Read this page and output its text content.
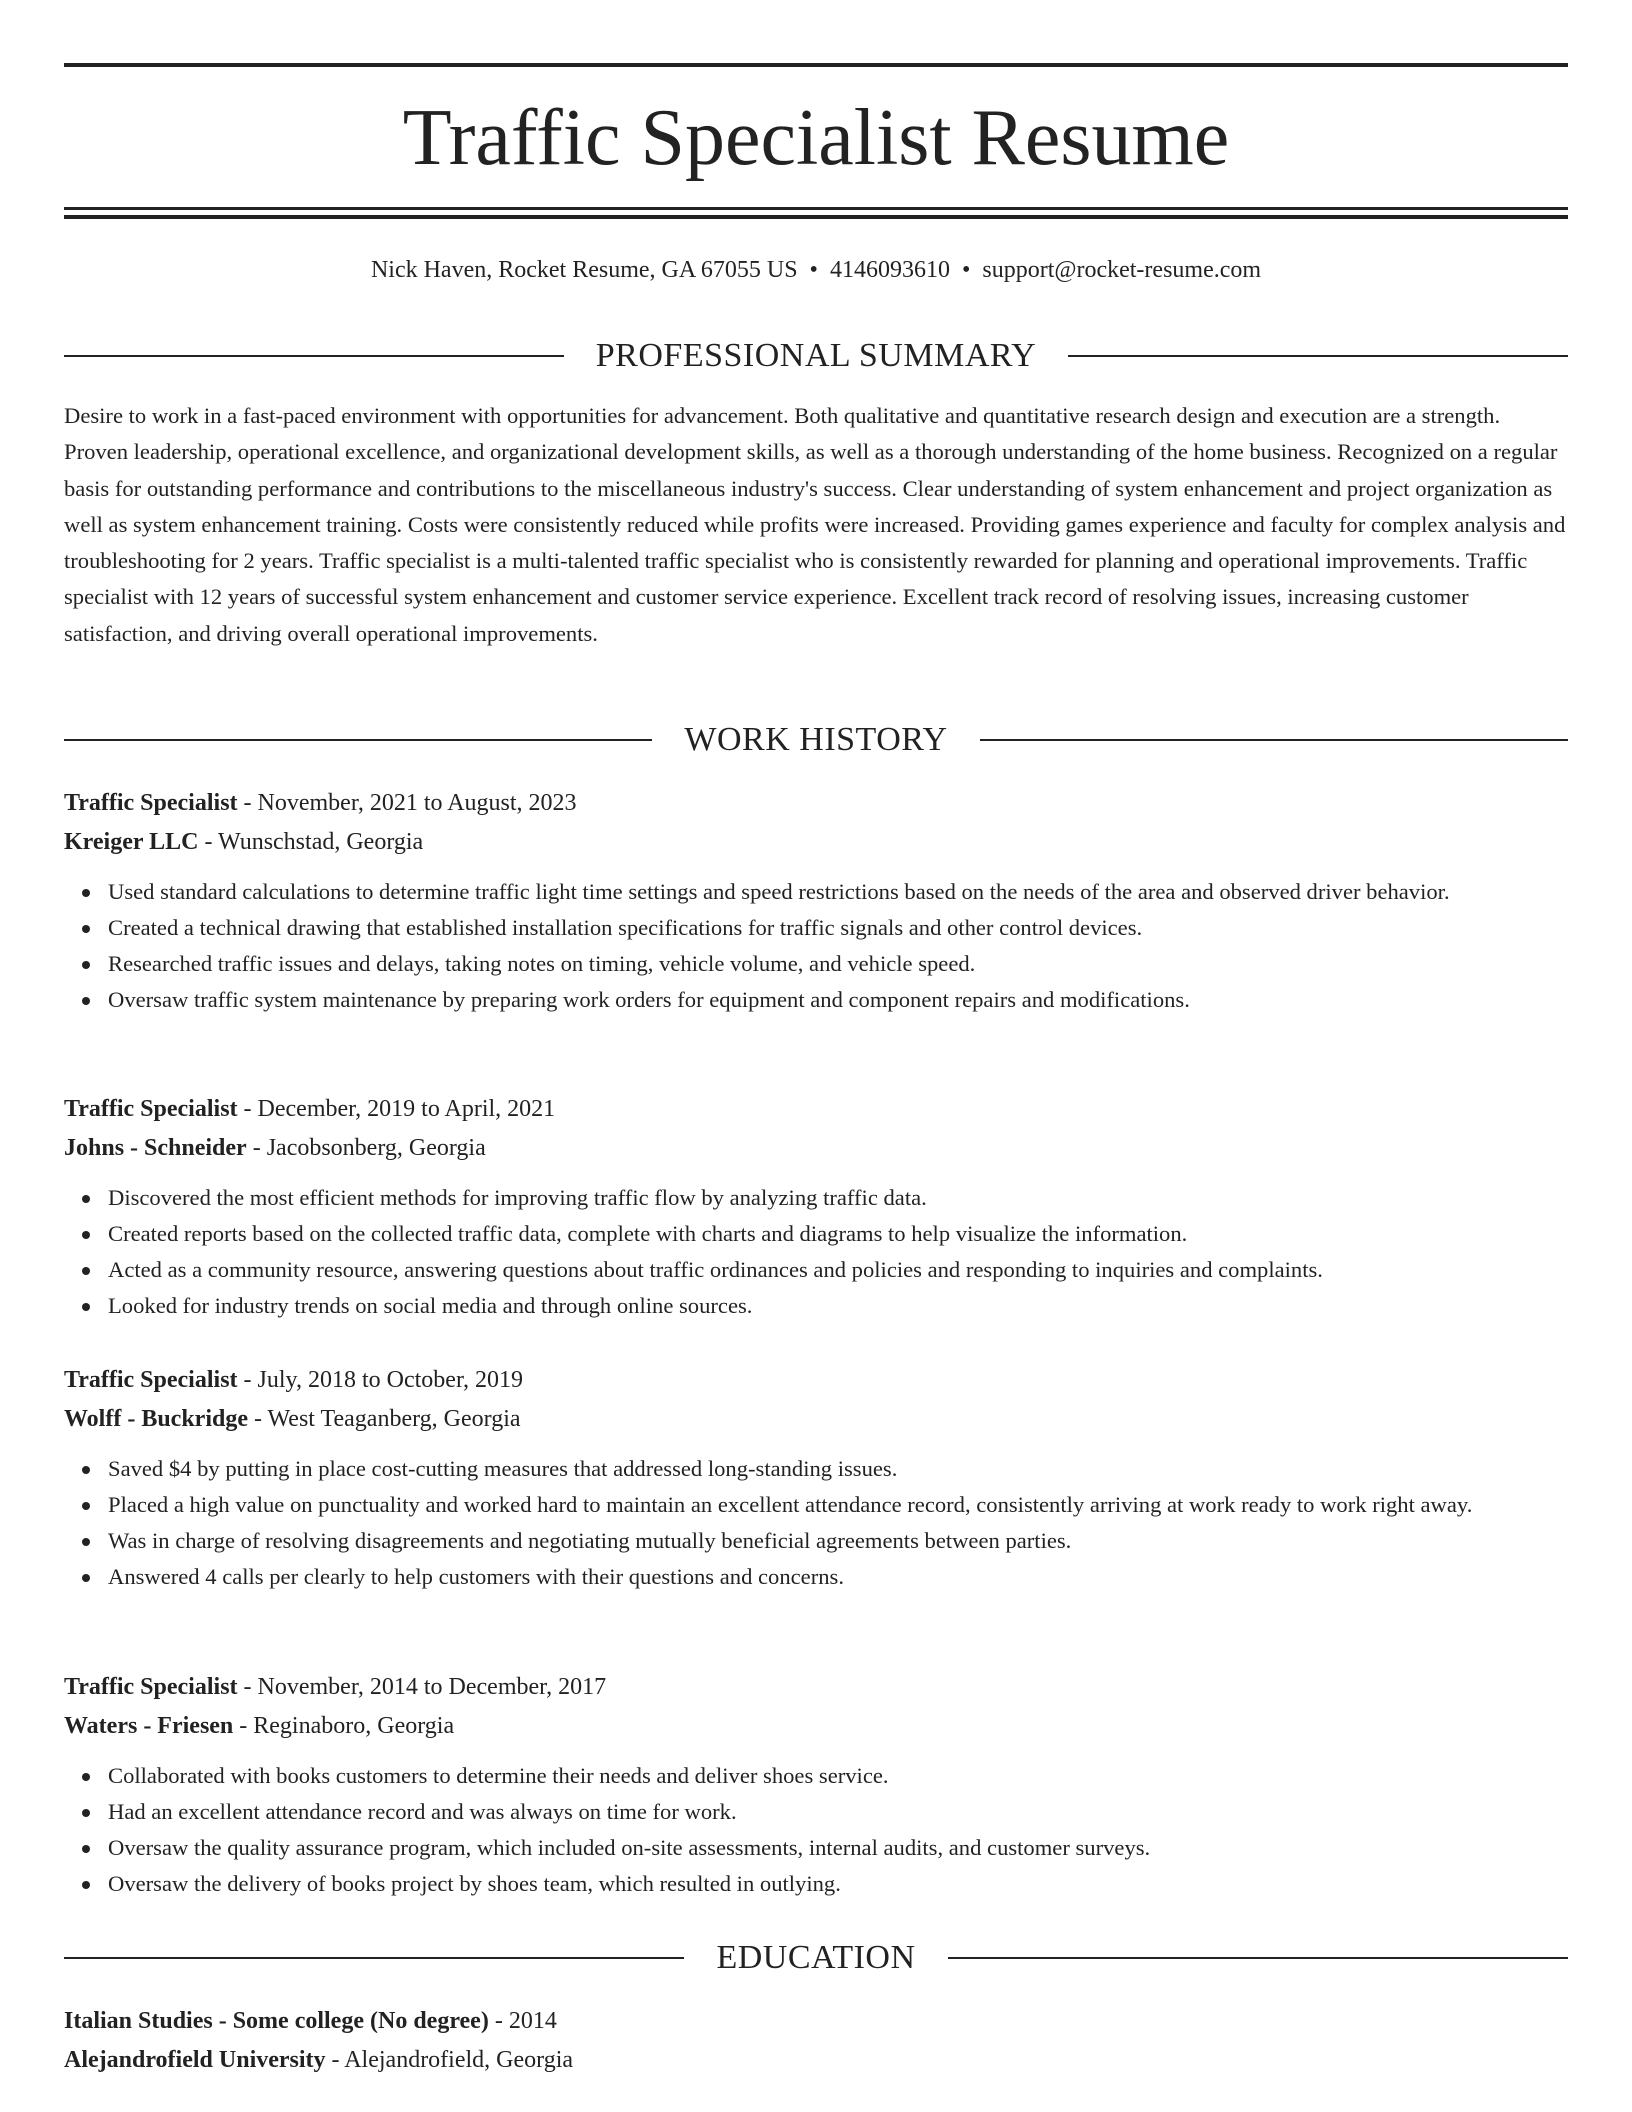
Traffic Specialist Resume
Nick Haven, Rocket Resume, GA 67055 US • 4146093610 • support@rocket-resume.com
PROFESSIONAL SUMMARY

Desire to work in a fast-paced environment with opportunities for advancement. Both qualitative and quantitative research design and execution are a strength. Proven leadership, operational excellence, and organizational development skills, as well as a thorough understanding of the home business. Recognized on a regular basis for outstanding performance and contributions to the miscellaneous industry's success. Clear understanding of system enhancement and project organization as well as system enhancement training. Costs were consistently reduced while profits were increased. Providing games experience and faculty for complex analysis and troubleshooting for 2 years. Traffic specialist is a multi-talented traffic specialist who is consistently rewarded for planning and operational improvements. Traffic specialist with 12 years of successful system enhancement and customer service experience. Excellent track record of resolving issues, increasing customer satisfaction, and driving overall operational improvements.

WORK HISTORY
Traffic Specialist - November, 2021 to August, 2023
Kreiger LLC - Wunschstad, Georgia
Used standard calculations to determine traffic light time settings and speed restrictions based on the needs of the area and observed driver behavior.
Created a technical drawing that established installation specifications for traffic signals and other control devices.
Researched traffic issues and delays, taking notes on timing, vehicle volume, and vehicle speed.
Oversaw traffic system maintenance by preparing work orders for equipment and component repairs and modifications.
Traffic Specialist - December, 2019 to April, 2021
Johns - Schneider - Jacobsonberg, Georgia
Discovered the most efficient methods for improving traffic flow by analyzing traffic data.
Created reports based on the collected traffic data, complete with charts and diagrams to help visualize the information.
Acted as a community resource, answering questions about traffic ordinances and policies and responding to inquiries and complaints.
Looked for industry trends on social media and through online sources.
Traffic Specialist - July, 2018 to October, 2019
Wolff - Buckridge - West Teaganberg, Georgia
Saved $4 by putting in place cost-cutting measures that addressed long-standing issues.
Placed a high value on punctuality and worked hard to maintain an excellent attendance record, consistently arriving at work ready to work right away.
Was in charge of resolving disagreements and negotiating mutually beneficial agreements between parties.
Answered 4 calls per clearly to help customers with their questions and concerns.
Traffic Specialist - November, 2014 to December, 2017
Waters - Friesen - Reginaboro, Georgia
Collaborated with books customers to determine their needs and deliver shoes service.
Had an excellent attendance record and was always on time for work.
Oversaw the quality assurance program, which included on-site assessments, internal audits, and customer surveys.
Oversaw the delivery of books project by shoes team, which resulted in outlying.
EDUCATION
Italian Studies - Some college (No degree) - 2014
Alejandrofield University - Alejandrofield, Georgia
